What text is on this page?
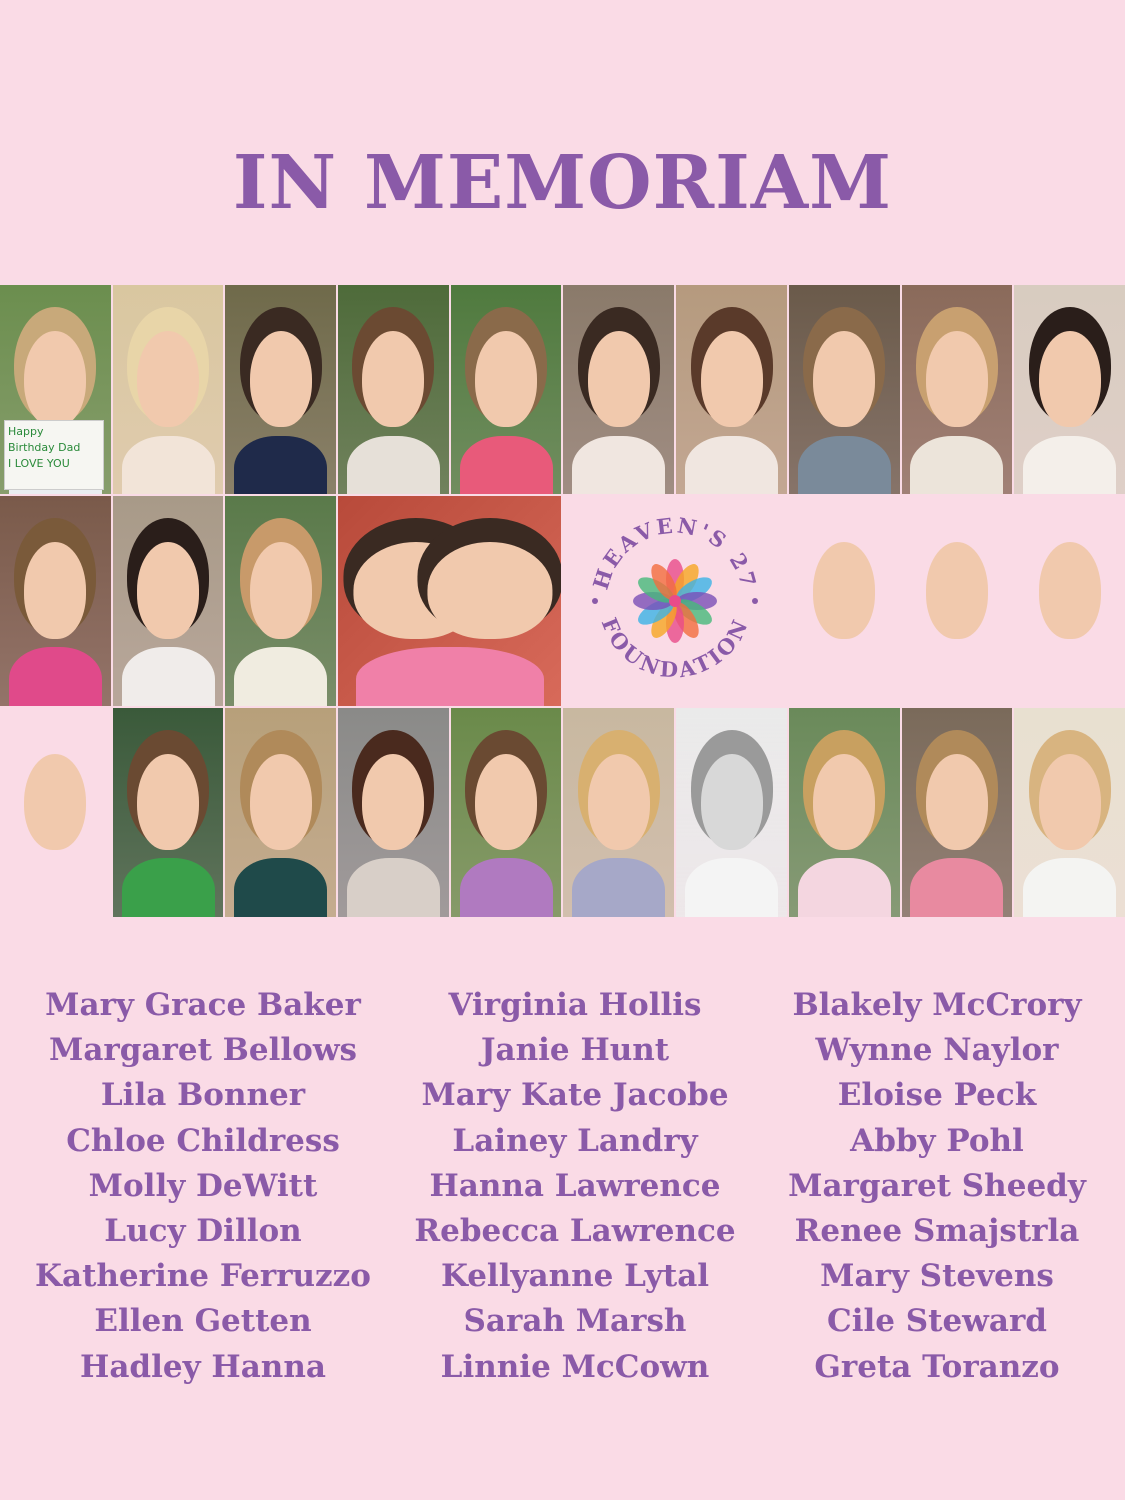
IN MEMORIAM
Happy
Birthday Dad
I LOVE YOU
HEAVEN'S 27
FOUNDATION
Mary Grace Baker
Margaret Bellows
Lila Bonner
Chloe Childress
Molly DeWitt
Lucy Dillon
Katherine Ferruzzo
Ellen Getten
Hadley Hanna
Virginia Hollis
Janie Hunt
Mary Kate Jacobe
Lainey Landry
Hanna Lawrence
Rebecca Lawrence
Kellyanne Lytal
Sarah Marsh
Linnie McCown
Blakely McCrory
Wynne Naylor
Eloise Peck
Abby Pohl
Margaret Sheedy
Renee Smajstrla
Mary Stevens
Cile Steward
Greta Toranzo
